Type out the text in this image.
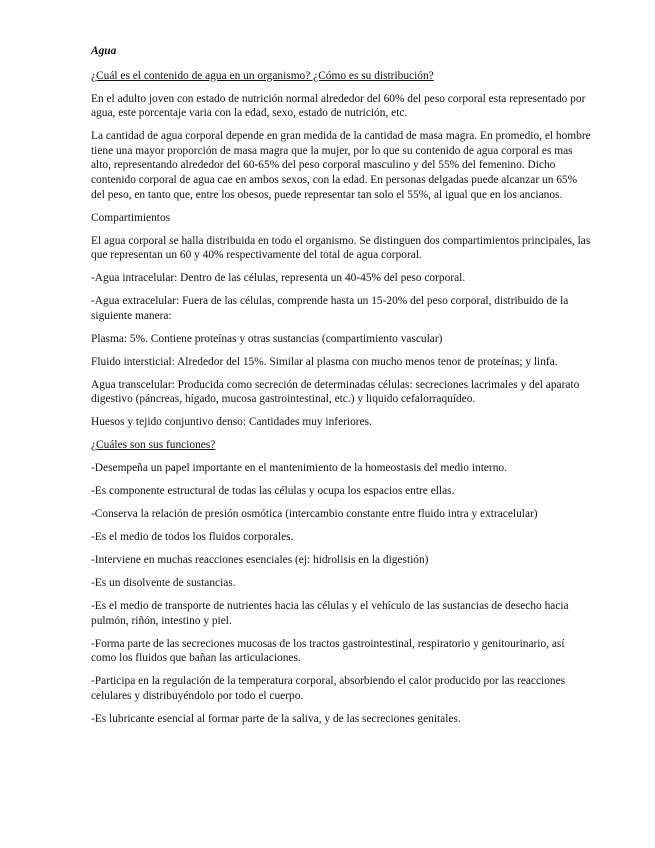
Agua

¿Cuál es el contenido de agua en un organismo? ¿Cómo es su distribución?

En el adulto joven con estado de nutrición normal alrededor del 60% del peso corporal esta representado por agua, este porcentaje varia con la edad, sexo, estado de nutrición, etc.

La cantidad de agua corporal depende en gran medida de la cantidad de masa magra. En promedio, el hombre tiene una mayor proporción de masa magra que la mujer, por lo que su contenido de agua corporal es mas alto, representando alrededor del 60-65% del peso corporal masculino y del 55% del femenino. Dicho contenido corporal de agua cae en ambos sexos, con la edad. En personas delgadas puede alcanzar un 65% del peso, en tanto que, entre los obesos, puede representar tan solo el 55%, al igual que en los ancianos.

Compartimientos

El agua corporal se halla distribuida en todo el organismo. Se distinguen dos compartimientos principales, las que representan un 60 y 40% respectivamente del total de agua corporal.

-Agua intracelular: Dentro de las células, representa un 40-45% del peso corporal.

-Agua extracelular: Fuera de las células, comprende hasta un 15-20% del peso corporal, distribuido de la siguiente manera:

Plasma: 5%. Contiene proteínas y otras sustancias (compartimiento vascular)

Fluido intersticial: Alrededor del 15%. Similar al plasma con mucho menos tenor de proteínas; y linfa.

Agua transcelular: Producida como secreción de determinadas células: secreciones lacrimales y del aparato digestivo (páncreas, hígado, mucosa gastrointestinal, etc.) y liquido cefalorraquídeo.

Huesos y tejido conjuntivo denso: Cantidades muy inferiores.

¿Cuáles son sus funciones?

-Desempeña un papel importante en el mantenimiento de la homeostasis del medio interno.

-Es componente estructural de todas las células y ocupa los espacios entre ellas.

-Conserva la relación de presión osmótica (intercambio constante entre fluido intra y extracelular)

-Es el medio de todos los fluidos corporales.

-Interviene en muchas reacciones esenciales (ej: hidrolisis en la digestión)

-Es un disolvente de sustancias.

-Es el medio de transporte de nutrientes hacia las células y el vehículo de las sustancias de desecho hacia pulmón, riñón, intestino y piel.

-Forma parte de las secreciones mucosas de los tractos gastrointestinal, respiratorio y genitourinario, así como los fluidos que bañan las articulaciones.

-Participa en la regulación de la temperatura corporal, absorbiendo el calor producido por las reacciones celulares y distribuyéndolo por todo el cuerpo.

-Es lubricante esencial al formar parte de la saliva, y de las secreciones genitales.
